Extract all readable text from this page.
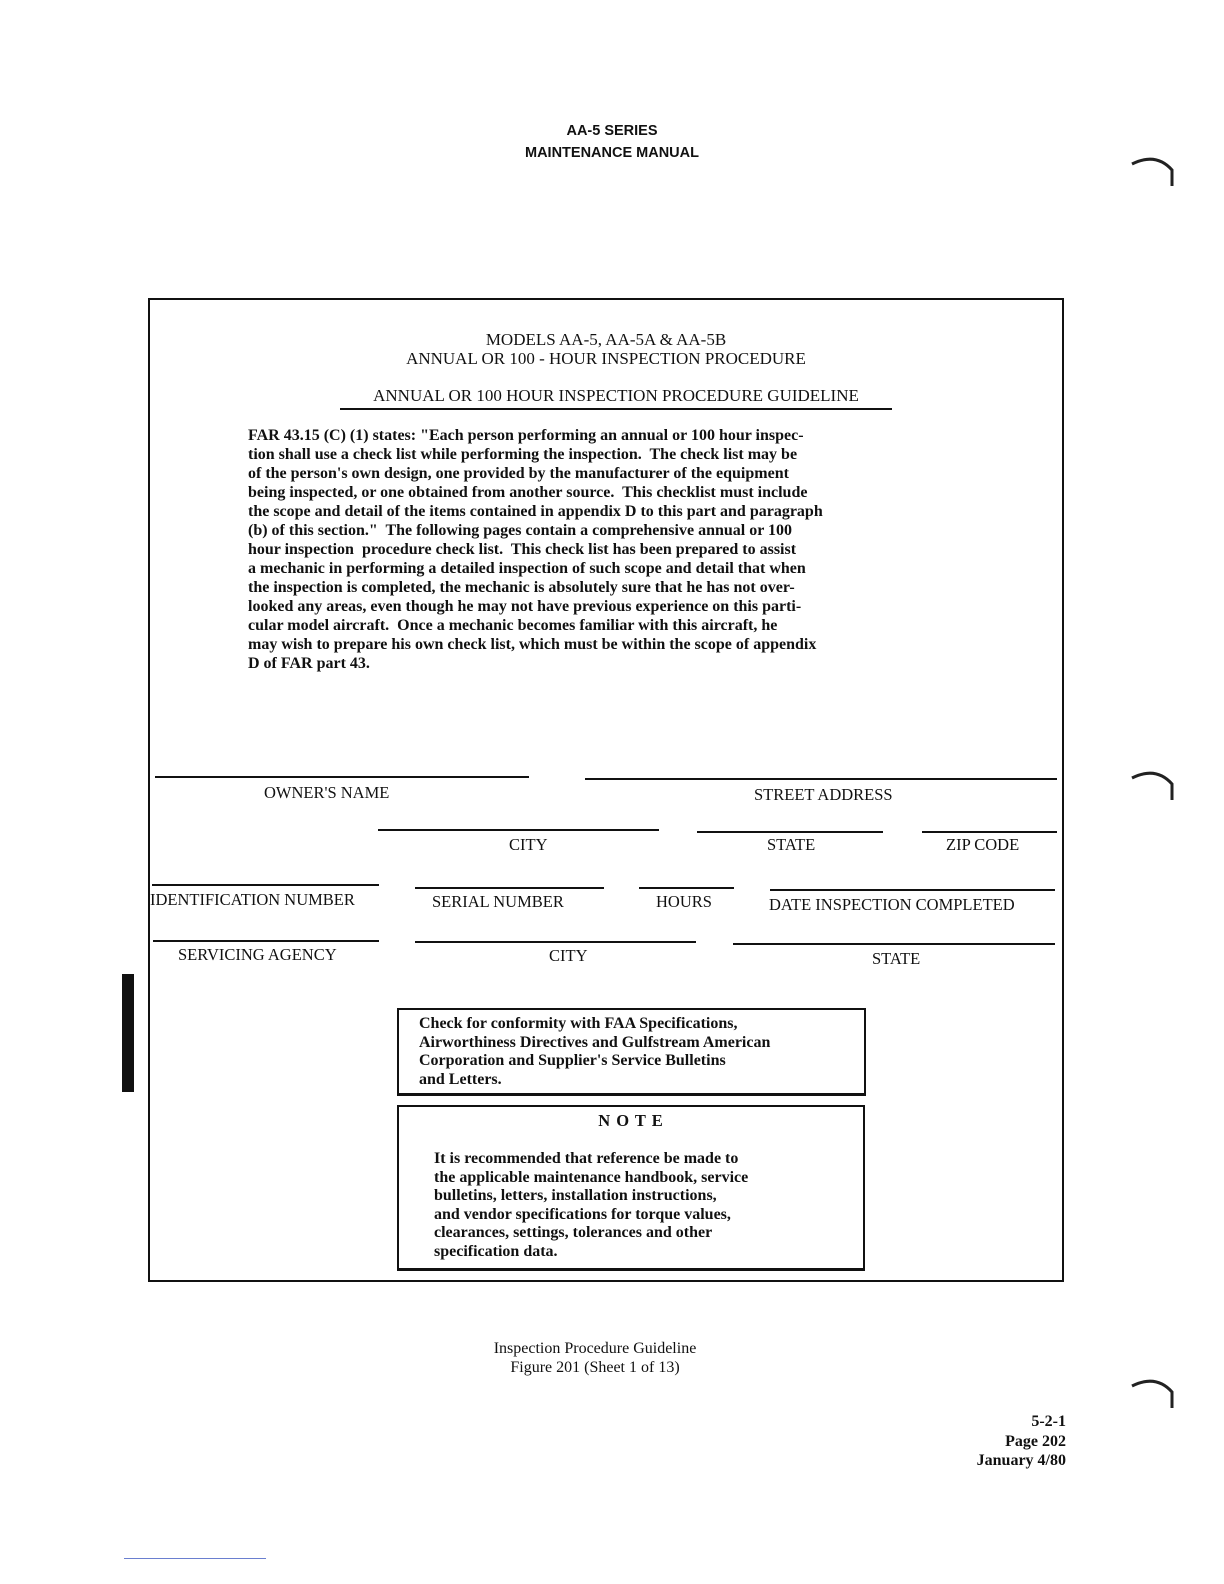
AA-5 SERIES
MAINTENANCE MANUAL
MODELS AA-5, AA-5A & AA-5B
ANNUAL OR 100 - HOUR INSPECTION PROCEDURE
ANNUAL OR 100 HOUR INSPECTION PROCEDURE GUIDELINE
FAR 43.15 (C) (1) states: "Each person performing an annual or 100 hour inspec-
tion shall use a check list while performing the inspection.  The check list may be
of the person's own design, one provided by the manufacturer of the equipment
being inspected, or one obtained from another source.  This checklist must include
the scope and detail of the items contained in appendix D to this part and paragraph
(b) of this section."  The following pages contain a comprehensive annual or 100
hour inspection  procedure check list.  This check list has been prepared to assist
a mechanic in performing a detailed inspection of such scope and detail that when
the inspection is completed, the mechanic is absolutely sure that he has not over-
looked any areas, even though he may not have previous experience on this parti-
cular model aircraft.  Once a mechanic becomes familiar with this aircraft, he
may wish to prepare his own check list, which must be within the scope of appendix
D of FAR part 43.
OWNER'S NAME	STREET ADDRESS
CITY	STATE	ZIP CODE
IDENTIFICATION NUMBER	SERIAL NUMBER	HOURS	DATE INSPECTION COMPLETED
SERVICING AGENCY	CITY	STATE
Check for conformity with FAA Specifications,
Airworthiness Directives and Gulfstream American
Corporation and Supplier's Service Bulletins
and Letters.
N O T E
It is recommended that reference be made to
the applicable maintenance handbook, service
bulletins, letters, installation instructions,
and vendor specifications for torque values,
clearances, settings, tolerances and other
specification data.
Inspection Procedure Guideline
Figure 201 (Sheet 1 of 13)
5-2-1
Page 202
January 4/80
